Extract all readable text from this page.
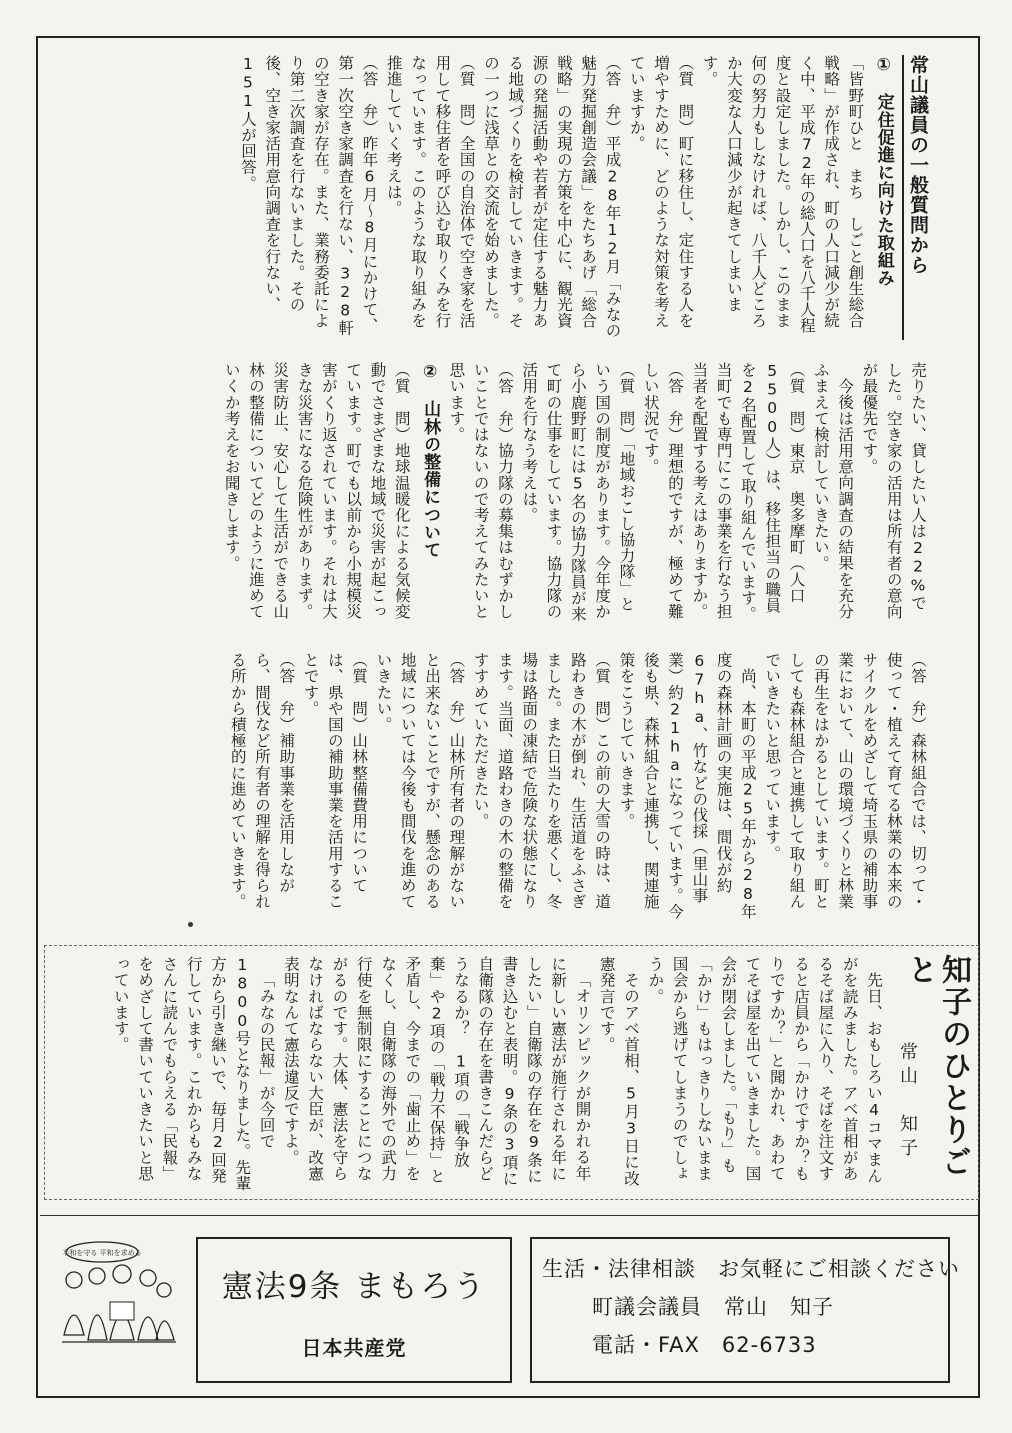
常山議員の一般質問から
①　定住促進に向けた取組み

「皆野町ひと　まち　しごと創生総合戦略」が作成され、町の人口減少が続く中、平成72年の総人口を八千人程度と設定しました。しかし、このまま何の努力もしなければ、八千人どころか大変な人口減少が起きてしまいます。

（質　問）町に移住し、定住する人を増やすために、どのような対策を考えていますか。

（答　弁）平成28年12月「みなの魅力発掘創造会議」をたちあげ「総合戦略」の実現の方策を中心に、観光資源の発掘活動や若者が定住する魅力ある地域づくりを検討していきます。その一つに浅草との交流を始めました。

（質　問）全国の自治体で空き家を活用して移住者を呼び込む取りくみを行なっています。このような取り組みを推進していく考えは。

（答　弁）昨年6月〜8月にかけて、第一次空き家調査を行ない、328軒の空き家が存在。また、業務委託により第二次調査を行ないました。その後、空き家活用意向調査を行ない、151人が回答。

売りたい、貸したい人は22%でした。空き家の活用は所有者の意向が最優先です。

今後は活用意向調査の結果を充分ふまえて検討していきたい。

（質　問）東京　奥多摩町（人口5500人）は、移住担当の職員を2名配置して取り組んでいます。当町でも専門にこの事業を行なう担当者を配置する考えはありますか。

（答　弁）理想的ですが、極めて難しい状況です。

（質　問）「地域おこし協力隊」という国の制度があります。今年度から小鹿野町には5名の協力隊員が来て町の仕事をしています。協力隊の活用を行なう考えは。

（答　弁）協力隊の募集はむずかしいことではないので考えてみたいと思います。

②　山林の整備について

（質　問）地球温暖化による気候変動でさまざまな地域で災害が起こっています。町でも以前から小規模災害がくり返されています。それは大きな災害になる危険性がありまず。災害防止、安心して生活ができる山林の整備についてどのように進めていくか考えをお聞きします。

（答　弁）森林組合では、切って・使って・植えて育てる林業の本来のサイクルをめざして埼玉県の補助事業において、山の環境づくりと林業の再生をはかるとしています。町としても森林組合と連携して取り組んでいきたいと思っています。

尚、本町の平成25年から28年度の森林計画の実施は、間伐が約67ha、竹などの伐採（里山事業）約21haになっています。今後も県、森林組合と連携し、関連施策をこうじていきます。

（質　問）この前の大雪の時は、道路わきの木が倒れ、生活道をふさぎました。また日当たりを悪くし、冬場は路面の凍結で危険な状態になります。当面、道路わきの木の整備をすすめていただきたい。

（答　弁）山林所有者の理解がないと出来ないことですが、懸念のある地域については今後も間伐を進めていきたい。

（質　問）山林整備費用については、県や国の補助事業を活用することです。

（答　弁）補助事業を活用しながら、間伐など所有者の理解を得られる所から積極的に進めていきます。

知子のひとりごと
常山　知子

先日、おもしろい4コマまんがを読みました。アベ首相があるそば屋に入り、そばを注文すると店員から「かけですか？もりですか？」と聞かれ、あわててそば屋を出ていきました。国会が閉会しました。「もり」も「かけ」もはっきりしないまま国会から逃げてしまうのでしょうか。

そのアベ首相、5月3日に改憲発言です。

「オリンピックが開かれる年に新しい憲法が施行される年にしたい」自衛隊の存在を9条に書き込むと表明。9条の3項に自衛隊の存在を書きこんだらどうなるか？　1項の「戦争放棄」や2項の「戦力不保持」と矛盾し、今までの「歯止め」をなくし、自衛隊の海外での武力行使を無制限にすることにつながるのです。大体、憲法を守らなければならない大臣が、改憲表明なんて憲法違反ですよ。

「みなの民報」が今回で1800号となりました。先輩方から引き継いで、毎月2回発行しています。これからもみなさんに読んでもらえる「民報」をめざして書いていきたいと思っています。

平和を守る 平和を求める
憲法9条 まもろう
日本共産党
生活・法律相談　お気軽にご相談ください
町議会議員　常山　知子
電話・FAX　62-6733
